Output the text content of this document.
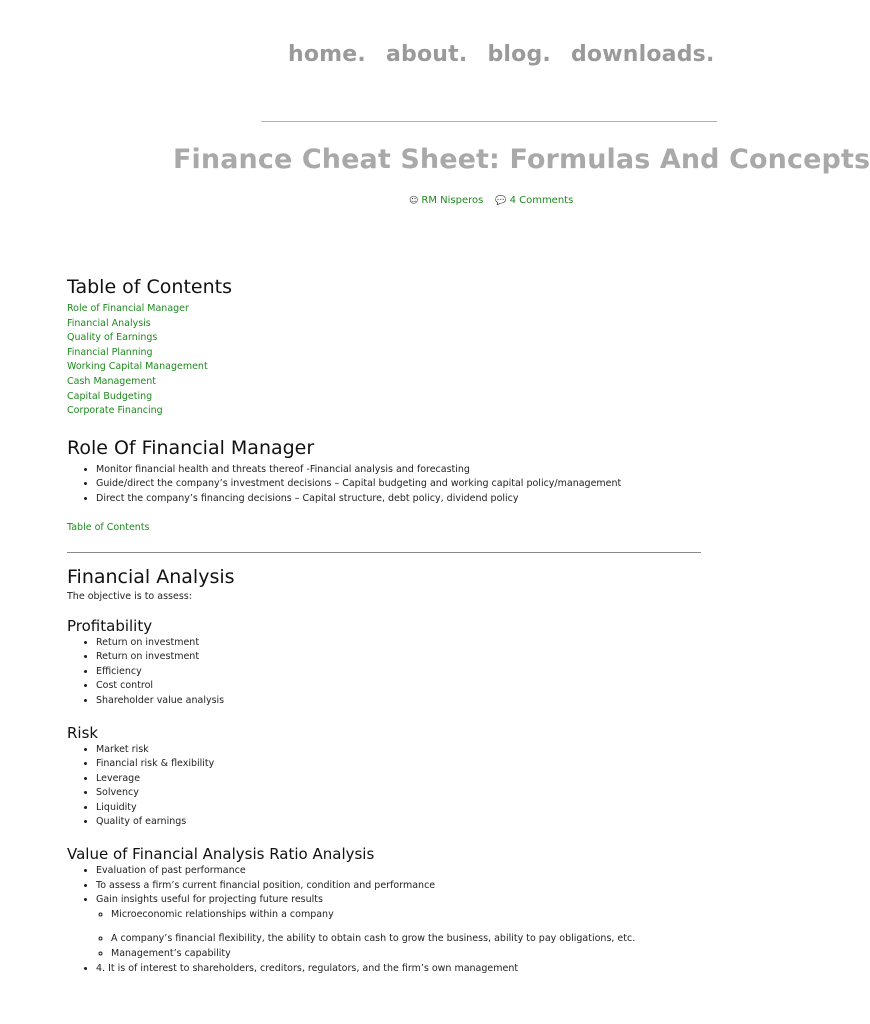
home. about. blog. downloads.
Finance Cheat Sheet: Formulas And Concepts
☺ RM Nisperos 💬 4 Comments
Table of Contents
Role of Financial Manager
Financial Analysis
Quality of Earnings
Financial Planning
Working Capital Management
Cash Management
Capital Budgeting
Corporate Financing
Role Of Financial Manager
• Monitor financial health and threats thereof -Financial analysis and forecasting
• Guide/direct the company’s investment decisions – Capital budgeting and working capital policy/management
• Direct the company’s financing decisions – Capital structure, debt policy, dividend policy

Table of Contents

Financial Analysis

The objective is to assess:

Profitability
• Return on investment
• Return on investment
• Efficiency
• Cost control
• Shareholder value analysis
Risk
• Market risk
• Financial risk & flexibility
• Leverage
• Solvency
• Liquidity
• Quality of earnings
Value of Financial Analysis Ratio Analysis
• Evaluation of past performance
• To assess a firm’s current financial position, condition and performance
• Gain insights useful for projecting future results
◦ Microeconomic relationships within a company
◦ A company’s financial flexibility, the ability to obtain cash to grow the business, ability to pay obligations, etc.
◦ Management’s capability
• 4. It is of interest to shareholders, creditors, regulators, and the firm’s own management
